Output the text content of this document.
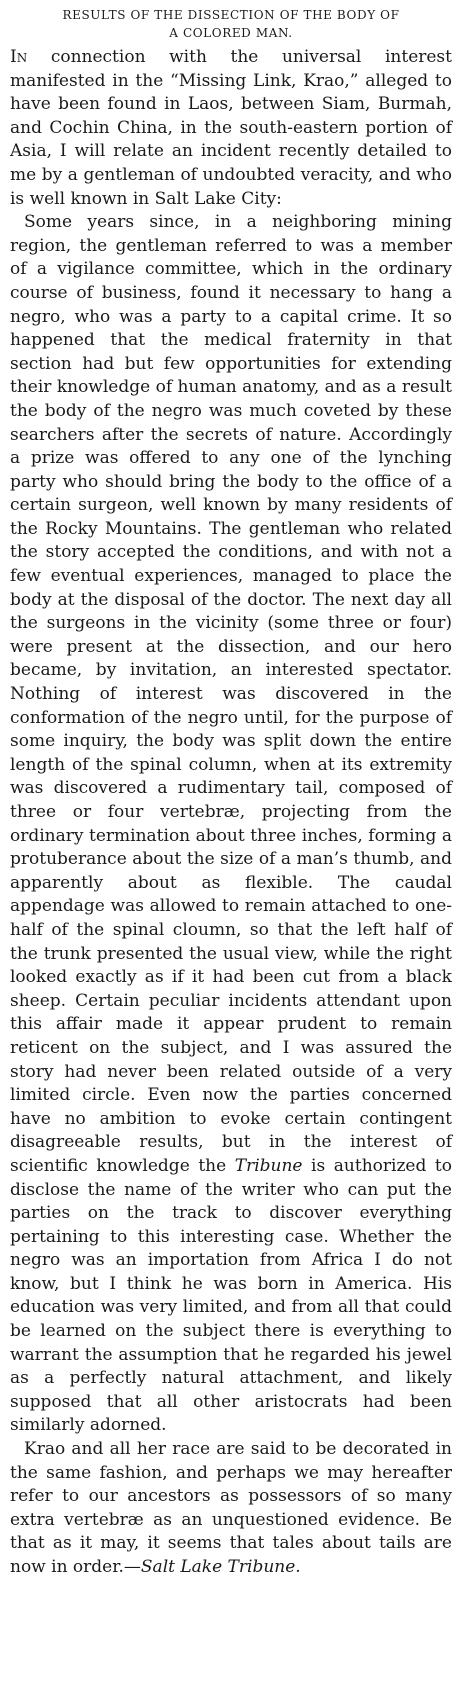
RESULTS OF THE DISSECTION OF THE BODY OF
A COLORED MAN.

In connection with the universal interest manifested in the “Missing Link, Krao,” alleged to have been found in Laos, between Siam, Burmah, and Cochin China, in the south-eastern portion of Asia, I will relate an incident recently detailed to me by a gentleman of undoubted veracity, and who is well known in Salt Lake City:

Some years since, in a neighboring mining region, the gentleman referred to was a member of a vigilance committee, which in the ordinary course of business, found it necessary to hang a negro, who was a party to a capital crime. It so happened that the medical fraternity in that section had but few opportunities for extending their knowledge of human anatomy, and as a result the body of the negro was much coveted by these searchers after the secrets of nature. Accordingly a prize was offered to any one of the lynching party who should bring the body to the office of a certain surgeon, well known by many residents of the Rocky Mountains. The gentleman who related the story accepted the conditions, and with not a few eventual experiences, managed to place the body at the disposal of the doctor. The next day all the surgeons in the vicinity (some three or four) were present at the dissection, and our hero became, by invitation, an interested spectator. Nothing of interest was discovered in the conformation of the negro until, for the purpose of some inquiry, the body was split down the entire length of the spinal column, when at its extremity was discovered a rudimentary tail, composed of three or four vertebræ, projecting from the ordinary termination about three inches, forming a protuberance about the size of a man’s thumb, and apparently about as flexible. The caudal appendage was allowed to remain attached to one-half of the spinal cloumn, so that the left half of the trunk presented the usual view, while the right looked exactly as if it had been cut from a black sheep. Certain peculiar incidents attendant upon this affair made it appear prudent to remain reticent on the subject, and I was assured the story had never been related outside of a very limited circle. Even now the parties concerned have no ambition to evoke certain contingent disagreeable results, but in the interest of scientific knowledge the Tribune is authorized to disclose the name of the writer who can put the parties on the track to discover everything pertaining to this interesting case. Whether the negro was an importation from Africa I do not know, but I think he was born in America. His education was very limited, and from all that could be learned on the subject there is everything to warrant the assumption that he regarded his jewel as a perfectly natural attachment, and likely supposed that all other aristocrats had been similarly adorned.

Krao and all her race are said to be decorated in the same fashion, and perhaps we may hereafter refer to our ancestors as possessors of so many extra vertebræ as an unquestioned evidence. Be that as it may, it seems that tales about tails are now in order.—Salt Lake Tribune.
